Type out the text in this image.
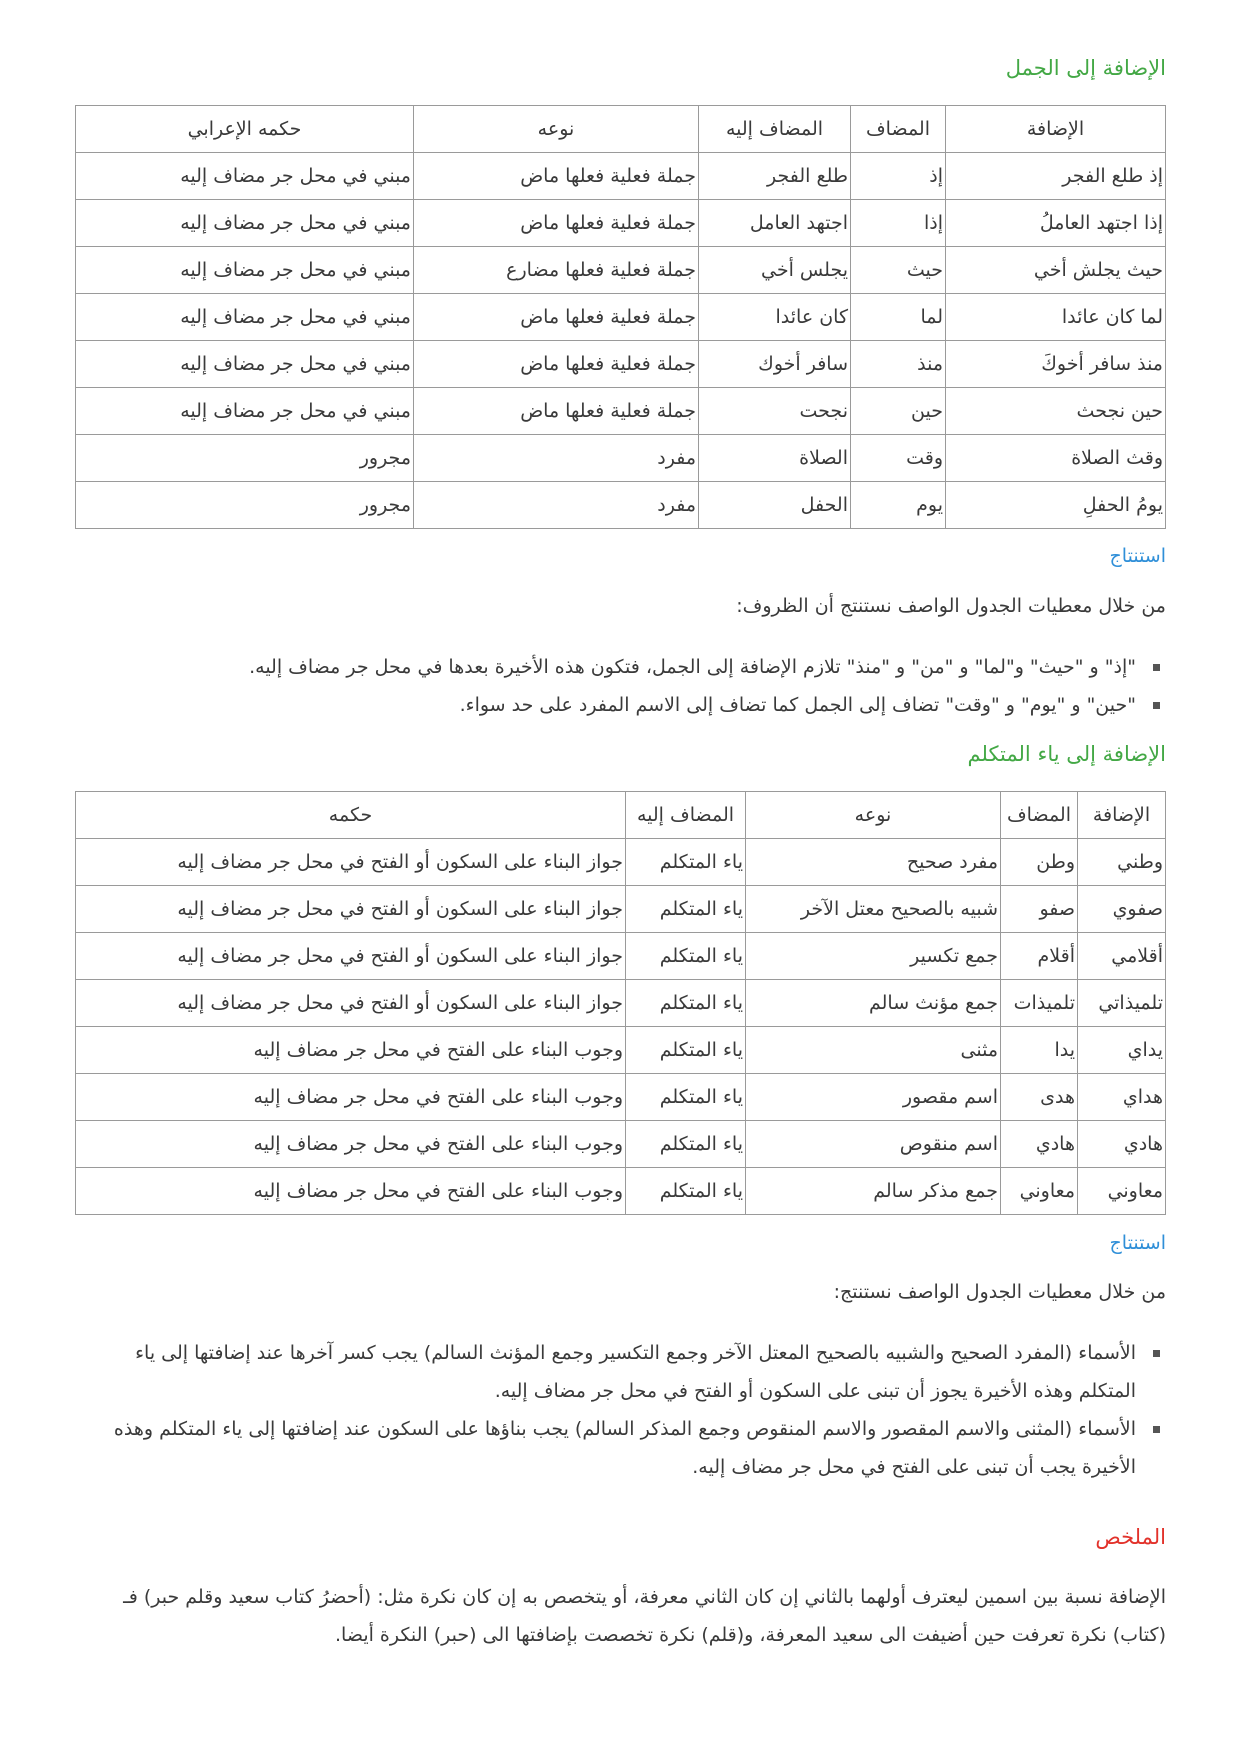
الإضافة إلى الجمل
الإضافة	المضاف	المضاف إليه	نوعه	حكمه الإعرابي
إذ طلع الفجر	إذ	طلع الفجر	جملة فعلية فعلها ماض	مبني في محل جر مضاف إليه
إذا اجتهد العاملُ	إذا	اجتهد العامل	جملة فعلية فعلها ماض	مبني في محل جر مضاف إليه
حيث يجلش أخي	حيث	يجلس أخي	جملة فعلية فعلها مضارع	مبني في محل جر مضاف إليه
لما كان عائدا	لما	كان عائدا	جملة فعلية فعلها ماض	مبني في محل جر مضاف إليه
منذ سافر أخوكَ	منذ	سافر أخوك	جملة فعلية فعلها ماض	مبني في محل جر مضاف إليه
حين نجحث	حين	نجحت	جملة فعلية فعلها ماض	مبني في محل جر مضاف إليه
وقث الصلاة	وقت	الصلاة	مفرد	مجرور
يومُ الحفلِ	يوم	الحفل	مفرد	مجرور
استنتاج

من خلال معطيات الجدول الواصف نستنتج أن الظروف:

"إذ" و "حيث" و"لما" و "من" و "منذ" تلازم الإضافة إلى الجمل، فتكون هذه الأخيرة بعدها في محل جر مضاف إليه.
"حين" و "يوم" و "وقت" تضاف إلى الجمل كما تضاف إلى الاسم المفرد على حد سواء.
الإضافة إلى ياء المتكلم
الإضافة	المضاف	نوعه	المضاف إليه	حكمه
وطني	وطن	مفرد صحيح	ياء المتكلم	جواز البناء على السكون أو الفتح في محل جر مضاف إليه
صفوي	صفو	شبيه بالصحيح معتل الآخر	ياء المتكلم	جواز البناء على السكون أو الفتح في محل جر مضاف إليه
أقلامي	أقلام	جمع تكسير	ياء المتكلم	جواز البناء على السكون أو الفتح في محل جر مضاف إليه
تلميذاتي	تلميذات	جمع مؤنث سالم	ياء المتكلم	جواز البناء على السكون أو الفتح في محل جر مضاف إليه
يداي	يدا	مثنى	ياء المتكلم	وجوب البناء على الفتح في محل جر مضاف إليه
هداي	هدى	اسم مقصور	ياء المتكلم	وجوب البناء على الفتح في محل جر مضاف إليه
هادي	هادي	اسم منقوص	ياء المتكلم	وجوب البناء على الفتح في محل جر مضاف إليه
معاوني	معاوني	جمع مذكر سالم	ياء المتكلم	وجوب البناء على الفتح في محل جر مضاف إليه
استنتاج

من خلال معطيات الجدول الواصف نستنتج:

الأسماء (المفرد الصحيح والشبيه بالصحيح المعتل الآخر وجمع التكسير وجمع المؤنث السالم) يجب كسر آخرها عند إضافتها إلى ياء المتكلم وهذه الأخيرة يجوز أن تبنى على السكون أو الفتح في محل جر مضاف إليه.
الأسماء (المثنى والاسم المقصور والاسم المنقوص وجمع المذكر السالم) يجب بناؤها على السكون عند إضافتها إلى ياء المتكلم وهذه الأخيرة يجب أن تبنى على الفتح في محل جر مضاف إليه.
الملخص

الإضافة نسبة بين اسمين ليعترف أولهما بالثاني إن كان الثاني معرفة، أو يتخصص به إن كان نكرة مثل: (أحضرُ كتاب سعيد وقلم حبر) فـ (كتاب) نكرة تعرفت حين أضيفت الى سعيد المعرفة، و(قلم) نكرة تخصصت بإضافتها الى (حبر) النكرة أيضا.
